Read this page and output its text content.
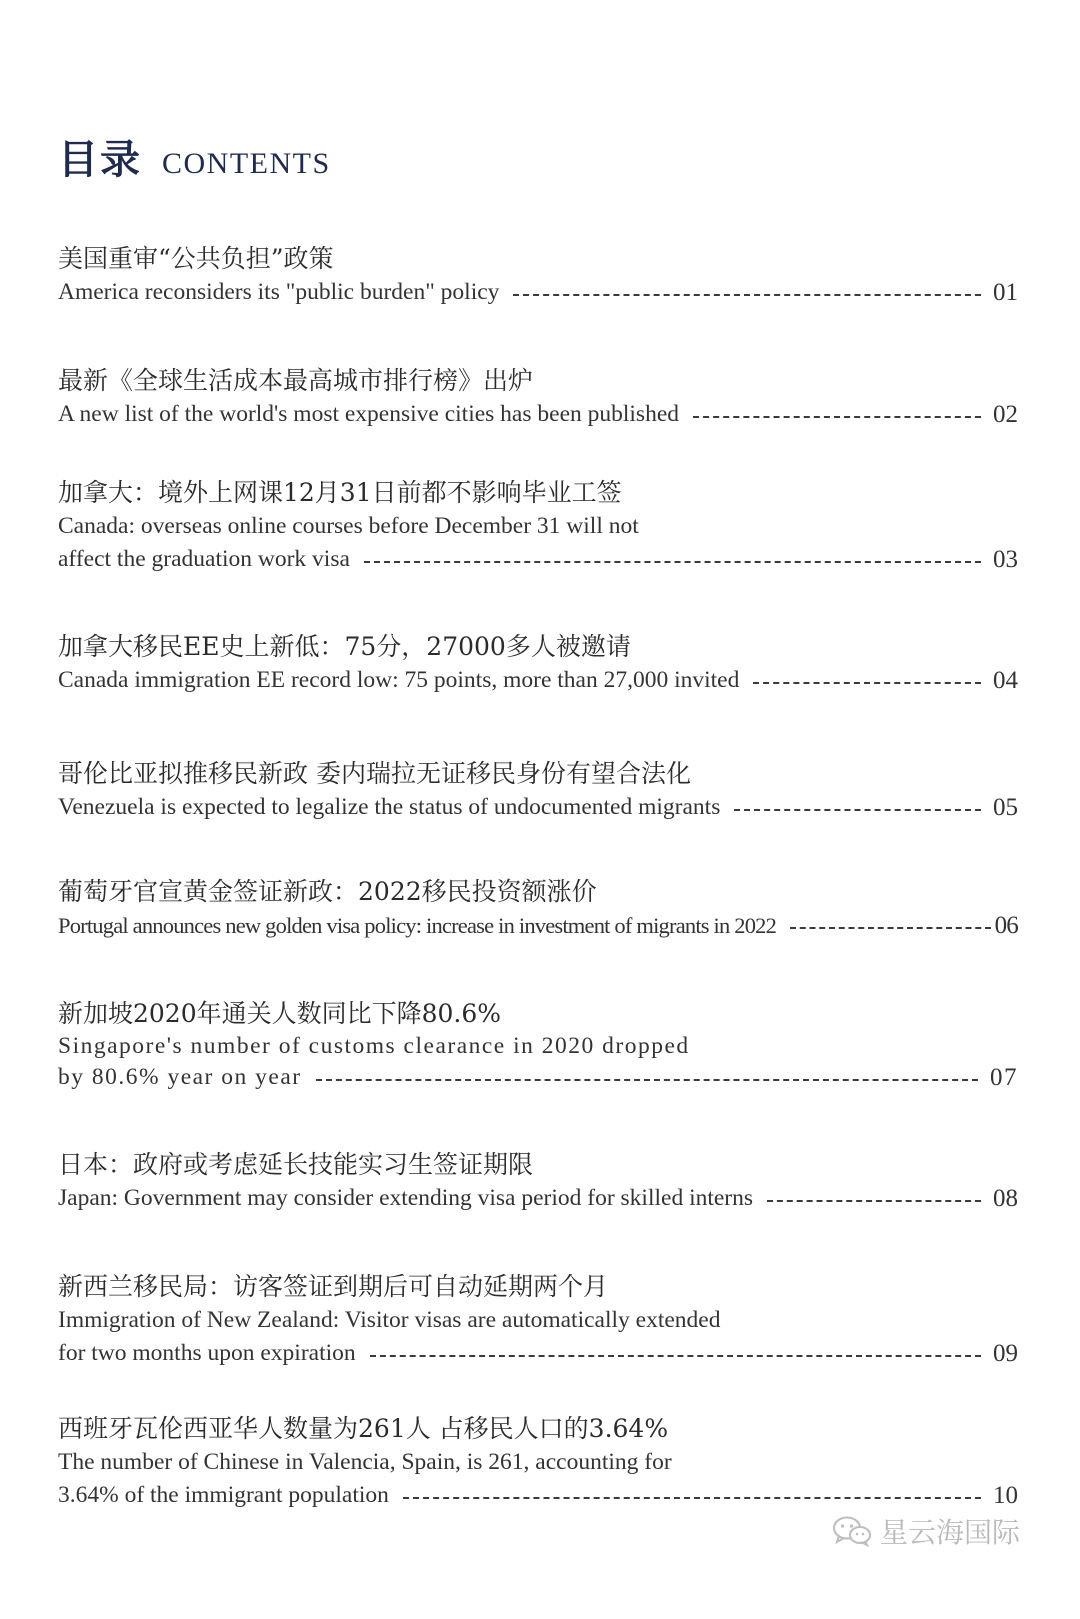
目录 CONTENTS
美国重审“公共负担”政策
America reconsiders its "public burden" policy	01
最新《全球生活成本最高城市排行榜》出炉
A new list of the world's most expensive cities has been published	02
加拿大：境外上网课12月31日前都不影响毕业工签
Canada: overseas online courses before December 31 will not
affect the graduation work visa	03
加拿大移民EE史上新低：75分，27000多人被邀请
Canada immigration EE record low: 75 points, more than 27,000 invited	04
哥伦比亚拟推移民新政 委内瑞拉无证移民身份有望合法化
Venezuela is expected to legalize the status of undocumented migrants	05
葡萄牙官宣黄金签证新政：2022移民投资额涨价
Portugal announces new golden visa policy: increase in investment of migrants in 2022	06
新加坡2020年通关人数同比下降80.6%
Singapore's number of customs clearance in 2020 dropped
by 80.6% year on year	07
日本：政府或考虑延长技能实习生签证期限
Japan: Government may consider extending visa period for skilled interns	08
新西兰移民局：访客签证到期后可自动延期两个月
Immigration of New Zealand: Visitor visas are automatically extended
for two months upon expiration	09
西班牙瓦伦西亚华人数量为261人 占移民人口的3.64%
The number of Chinese in Valencia, Spain, is 261, accounting for
3.64% of the immigrant population	10
星云海国际
